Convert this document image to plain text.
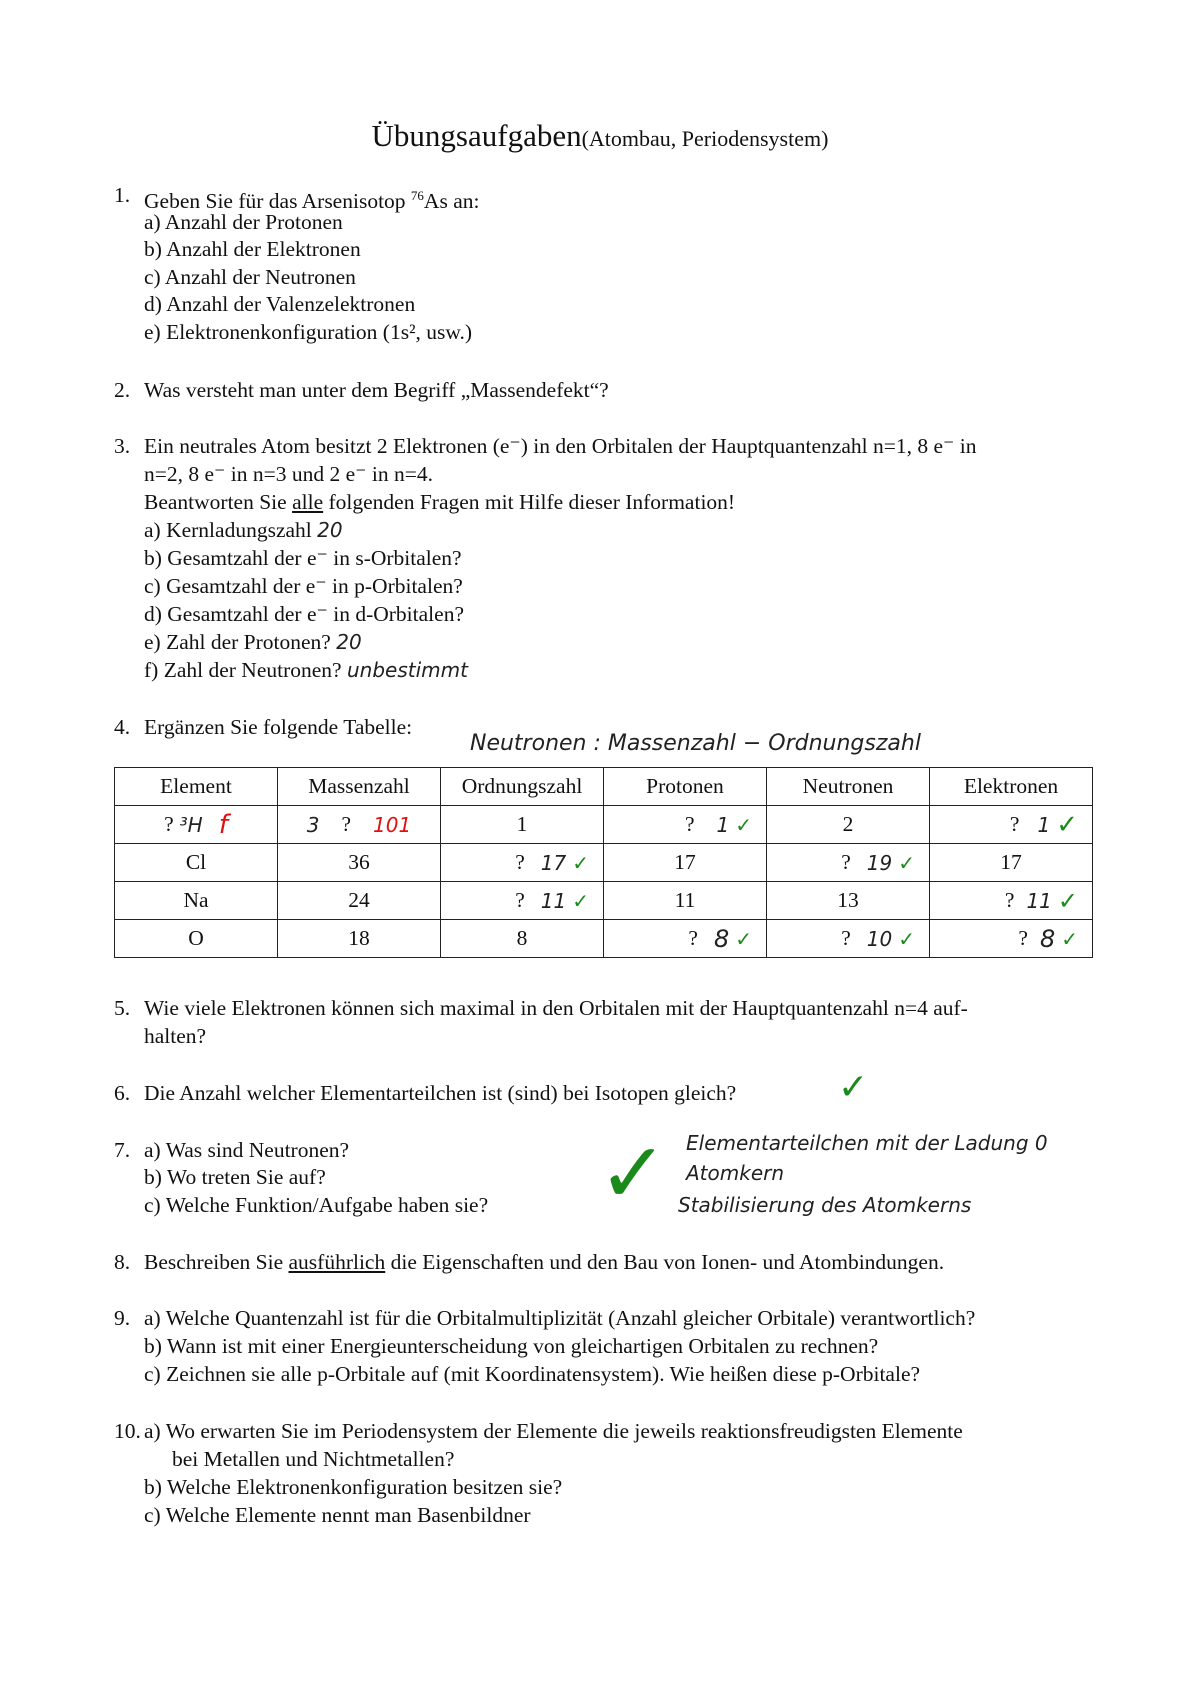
Übungsaufgaben(Atombau, Periodensystem)
1. Geben Sie für das Arsenisotop $^{76}$As an:
a) Anzahl der Protonen
b) Anzahl der Elektronen
c) Anzahl der Neutronen
d) Anzahl der Valenzelektronen
e) Elektronenkonfiguration (1s², usw.)
2. Was versteht man unter dem Begriff „Massendefekt“?
3. Ein neutrales Atom besitzt 2 Elektronen (e⁻) in den Orbitalen der Hauptquantenzahl n=1, 8 e⁻ in
n=2, 8 e⁻ in n=3 und 2 e⁻ in n=4.
Beantworten Sie alle folgenden Fragen mit Hilfe dieser Information!
a) Kernladungszahl 20
b) Gesamtzahl der e⁻ in s-Orbitalen?
c) Gesamtzahl der e⁻ in p-Orbitalen?
d) Gesamtzahl der e⁻ in d-Orbitalen?
e) Zahl der Protonen? 20
f) Zahl der Neutronen? unbestimmt
4. Ergänzen Sie folgende Tabelle:
Neutronen : Massenzahl − Ordnungszahl
Element	Massenzahl	Ordnungszahl	Protonen	Neutronen	Elektronen

? ³H f	3 ? 101	1	? 1 ✓	2	? 1 ✓

Cl	36	? 17 ✓	17	? 19 ✓	17

Na	24	? 11 ✓	11	13	? 11 ✓

O	18	8	? 8 ✓	? 10 ✓	? 8 ✓
5. Wie viele Elektronen können sich maximal in den Orbitalen mit der Hauptquantenzahl n=4 auf-
halten?
6. Die Anzahl welcher Elementarteilchen ist (sind) bei Isotopen gleich?	✓
7. a) Was sind Neutronen?
b) Wo treten Sie auf?
c) Welche Funktion/Aufgabe haben sie? ✓ Elementarteilchen mit der Ladung 0
Atomkern
Stabilisierung des Atomkerns
8. Beschreiben Sie ausführlich die Eigenschaften und den Bau von Ionen- und Atombindungen.
9. a) Welche Quantenzahl ist für die Orbitalmultiplizität (Anzahl gleicher Orbitale) verantwortlich?
b) Wann ist mit einer Energieunterscheidung von gleichartigen Orbitalen zu rechnen?
c) Zeichnen sie alle p-Orbitale auf (mit Koordinatensystem). Wie heißen diese p-Orbitale?
10. a) Wo erwarten Sie im Periodensystem der Elemente die jeweils reaktionsfreudigsten Elemente
bei Metallen und Nichtmetallen?
b) Welche Elektronenkonfiguration besitzen sie?
c) Welche Elemente nennt man Basenbildner
